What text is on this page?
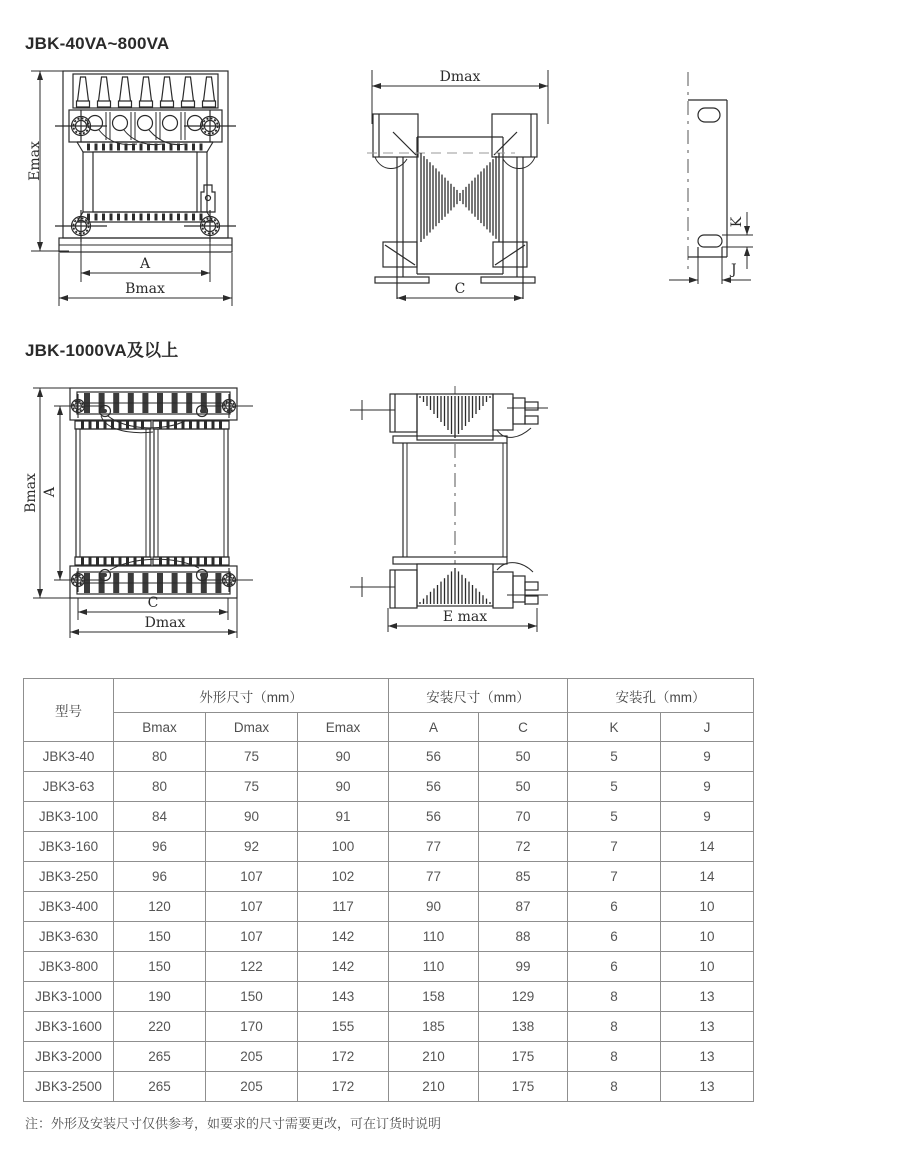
JBK-40VA~800VA
Emax
A
Bmax
Dmax
C
K
J
JBK-1000VA及以上
Bmax A
C
Dmax	E max
型号	外形尺寸（mm）			安装尺寸（mm）		安装孔（mm）	
	Bmax	Dmax	Emax	A	C	K	J
JBK3-40	80	75	90	56	50	5	9
JBK3-63	80	75	90	56	50	5	9
JBK3-100	84	90	91	56	70	5	9
JBK3-160	96	92	100	77	72	7	14
JBK3-250	96	107	102	77	85	7	14
JBK3-400	120	107	117	90	87	6	10
JBK3-630	150	107	142	110	88	6	10
JBK3-800	150	122	142	110	99	6	10
JBK3-1000	190	150	143	158	129	8	13
JBK3-1600	220	170	155	185	138	8	13
JBK3-2000	265	205	172	210	175	8	13
JBK3-2500	265	205	172	210	175	8	13
注：外形及安装尺寸仅供参考，如要求的尺寸需要更改，可在订货时说明
